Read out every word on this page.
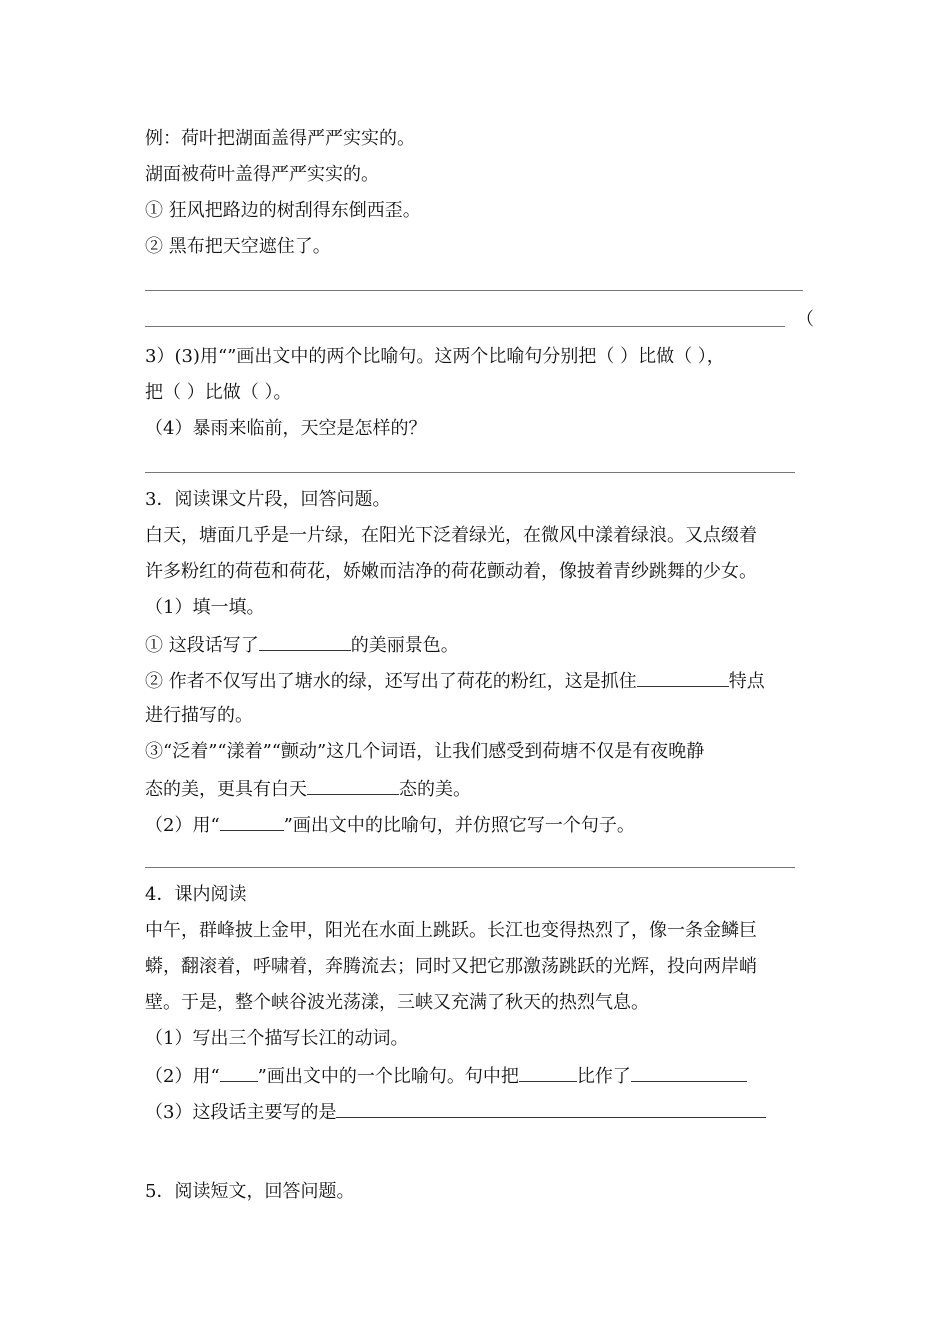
例：荷叶把湖面盖得严严实实的。
湖面被荷叶盖得严严实实的。
① 狂风把路边的树刮得东倒西歪。
② 黑布把天空遮住了。
（
3）(3)用“”画出文中的两个比喻句。这两个比喻句分别把（ ）比做（ ），
把（ ）比做（ ）。
（4）暴雨来临前，天空是怎样的？
3．阅读课文片段，回答问题。
白天，塘面几乎是一片绿，在阳光下泛着绿光，在微风中漾着绿浪。又点缀着
许多粉红的荷苞和荷花，娇嫩而洁净的荷花颤动着，像披着青纱跳舞的少女。
（1）填一填。
① 这段话写了	的美丽景色。
② 作者不仅写出了塘水的绿，还写出了荷花的粉红，这是抓住	特点
进行描写的。
③“泛着”“漾着”“颤动”这几个词语，让我们感受到荷塘不仅是有夜晚静
态的美，更具有白天	态的美。
（2）用“	”画出文中的比喻句，并仿照它写一个句子。
4．课内阅读
中午，群峰披上金甲，阳光在水面上跳跃。长江也变得热烈了，像一条金鳞巨
蟒，翻滚着，呼啸着，奔腾流去；同时又把它那激荡跳跃的光辉，投向两岸峭
壁。于是，整个峡谷波光荡漾，三峡又充满了秋天的热烈气息。
（1）写出三个描写长江的动词。
（2）用“ ”画出文中的一个比喻句。句中把	比作了
（3）这段话主要写的是
5．阅读短文，回答问题。
